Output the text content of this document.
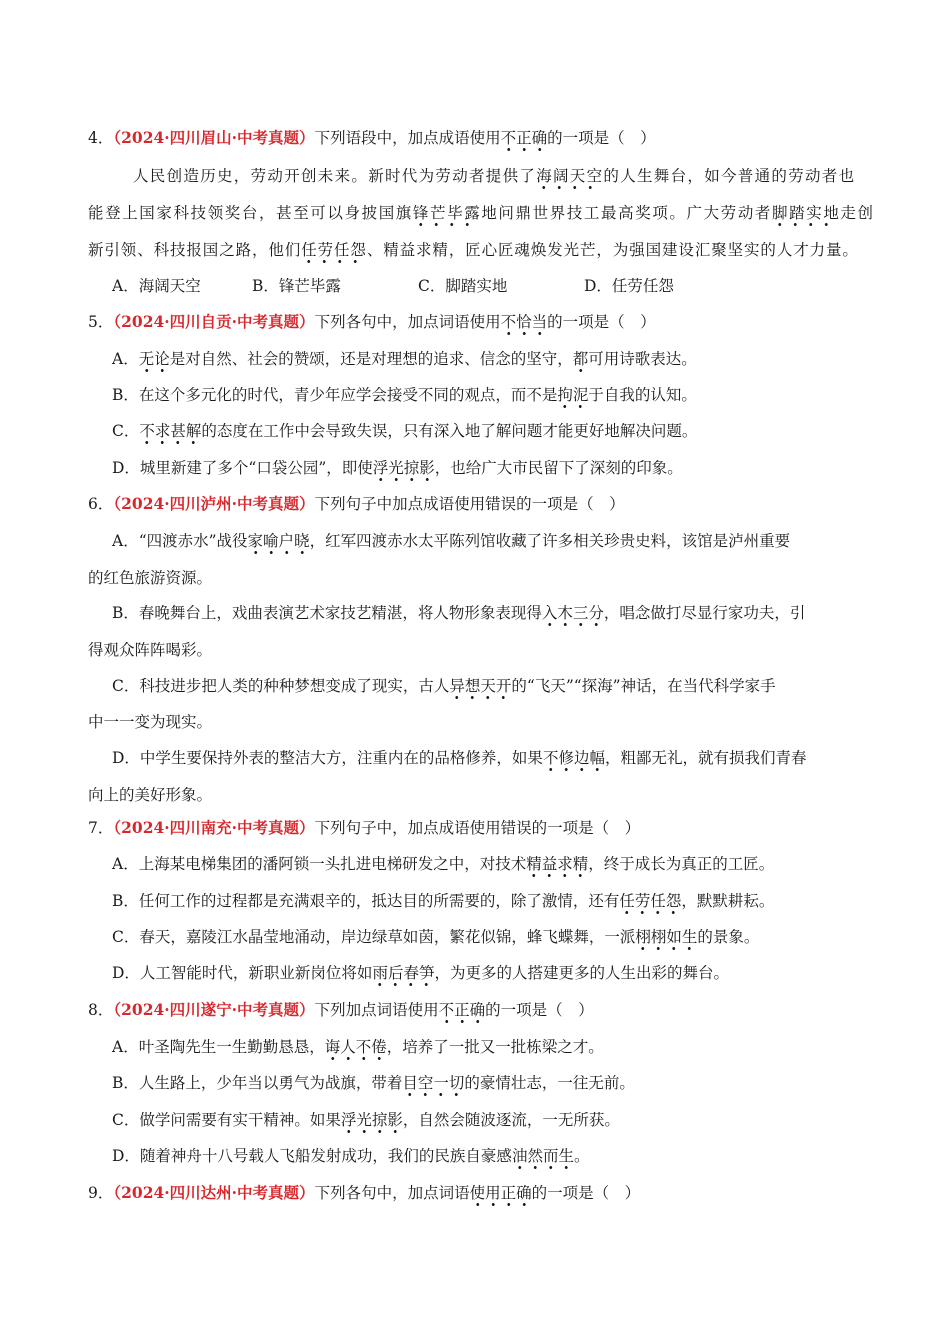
4．（2024·四川眉山·中考真题）下列语段中，加点成语使用不正确的一项是（　）
人民创造历史，劳动开创未来。新时代为劳动者提供了海阔天空的人生舞台，如今普通的劳动者也
能登上国家科技领奖台，甚至可以身披国旗锋芒毕露地问鼎世界技工最高奖项。广大劳动者脚踏实地走创
新引领、科技报国之路，他们任劳任怨、精益求精，匠心匠魂焕发光芒，为强国建设汇聚坚实的人才力量。
A．海阔天空	B．锋芒毕露	C．脚踏实地	D．任劳任怨
5．（2024·四川自贡·中考真题）下列各句中，加点词语使用不恰当的一项是（　）
A．无论是对自然、社会的赞颂，还是对理想的追求、信念的坚守，都可用诗歌表达。
B．在这个多元化的时代，青少年应学会接受不同的观点，而不是拘泥于自我的认知。
C．不求甚解的态度在工作中会导致失误，只有深入地了解问题才能更好地解决问题。
D．城里新建了多个“口袋公园”，即使浮光掠影，也给广大市民留下了深刻的印象。
6．（2024·四川泸州·中考真题）下列句子中加点成语使用错误的一项是（　）
A．“四渡赤水”战役家喻户晓，红军四渡赤水太平陈列馆收藏了许多相关珍贵史料，该馆是泸州重要
的红色旅游资源。
B．春晚舞台上，戏曲表演艺术家技艺精湛，将人物形象表现得入木三分，唱念做打尽显行家功夫，引
得观众阵阵喝彩。
C．科技进步把人类的种种梦想变成了现实，古人异想天开的“飞天”“探海”神话，在当代科学家手
中一一变为现实。
D．中学生要保持外表的整洁大方，注重内在的品格修养，如果不修边幅，粗鄙无礼，就有损我们青春
向上的美好形象。
7．（2024·四川南充·中考真题）下列句子中，加点成语使用错误的一项是（　）
A．上海某电梯集团的潘阿锁一头扎进电梯研发之中，对技术精益求精，终于成长为真正的工匠。
B．任何工作的过程都是充满艰辛的，抵达目的所需要的，除了激情，还有任劳任怨，默默耕耘。
C．春天，嘉陵江水晶莹地涌动，岸边绿草如茵，繁花似锦，蜂飞蝶舞，一派栩栩如生的景象。
D．人工智能时代，新职业新岗位将如雨后春笋，为更多的人搭建更多的人生出彩的舞台。
8．（2024·四川遂宁·中考真题）下列加点词语使用不正确的一项是（　）
A．叶圣陶先生一生勤勤恳恳，诲人不倦，培养了一批又一批栋梁之才。
B．人生路上，少年当以勇气为战旗，带着目空一切的豪情壮志，一往无前。
C．做学问需要有实干精神。如果浮光掠影，自然会随波逐流，一无所获。
D．随着神舟十八号载人飞船发射成功，我们的民族自豪感油然而生。
9．（2024·四川达州·中考真题）下列各句中，加点词语使用正确的一项是（　）
